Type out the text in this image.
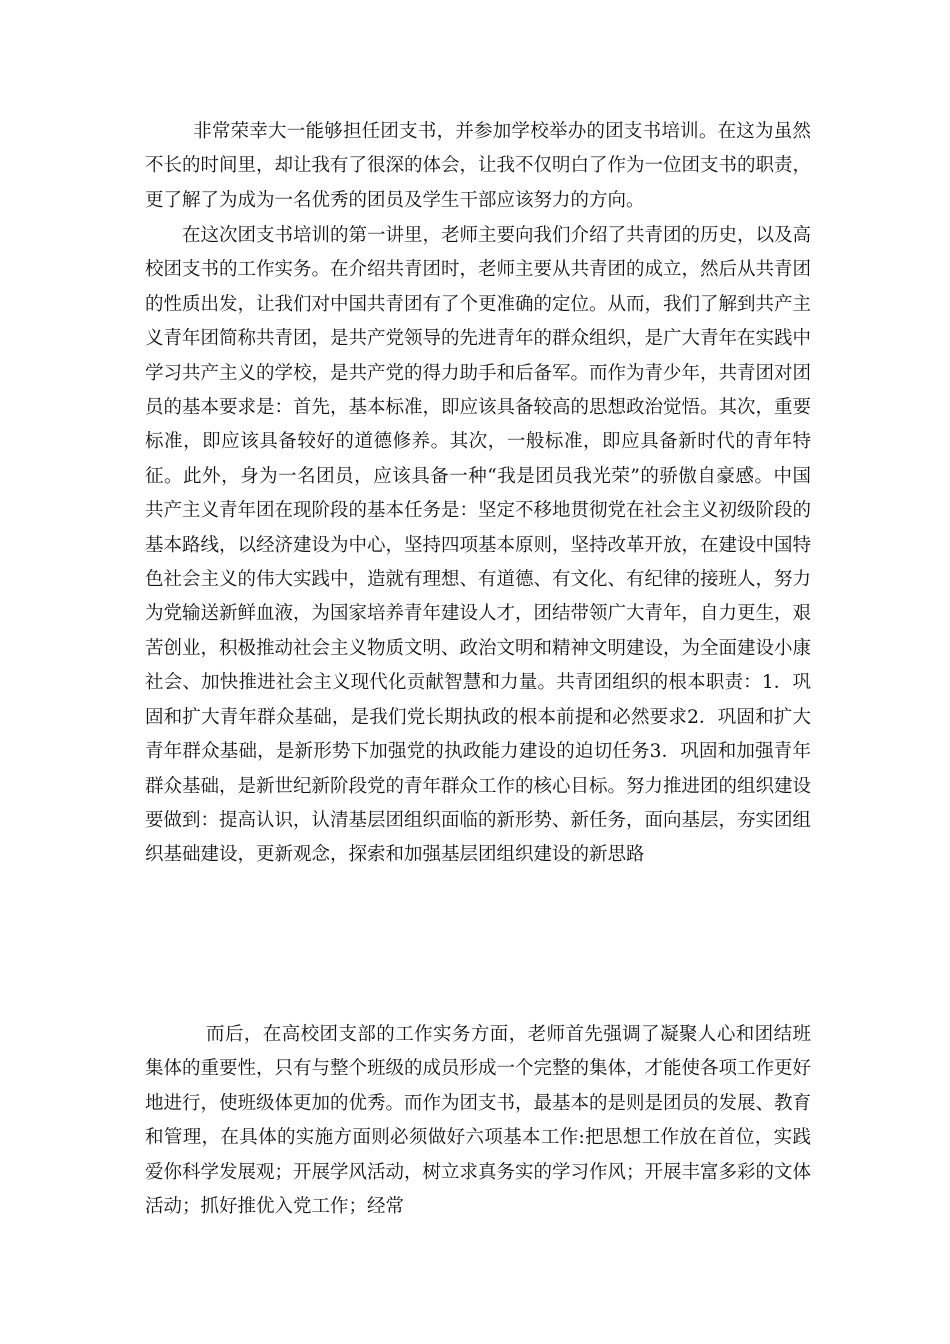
非常荣幸大一能够担任团支书，并参加学校举办的团支书培训。在这为虽然不长的时间里，却让我有了很深的体会，让我不仅明白了作为一位团支书的职责，更了解了为成为一名优秀的团员及学生干部应该努力的方向。

在这次团支书培训的第一讲里，老师主要向我们介绍了共青团的历史，以及高校团支书的工作实务。在介绍共青团时，老师主要从共青团的成立，然后从共青团的性质出发，让我们对中国共青团有了个更准确的定位。从而，我们了解到共产主义青年团简称共青团，是共产党领导的先进青年的群众组织，是广大青年在实践中学习共产主义的学校，是共产党的得力助手和后备军。而作为青少年，共青团对团员的基本要求是：首先，基本标准，即应该具备较高的思想政治觉悟。其次，重要标准，即应该具备较好的道德修养。其次，一般标准，即应具备新时代的青年特征。此外，身为一名团员，应该具备一种“我是团员我光荣”的骄傲自豪感。中国共产主义青年团在现阶段的基本任务是：坚定不移地贯彻党在社会主义初级阶段的基本路线，以经济建设为中心，坚持四项基本原则，坚持改革开放，在建设中国特色社会主义的伟大实践中，造就有理想、有道德、有文化、有纪律的接班人，努力为党输送新鲜血液，为国家培养青年建设人才，团结带领广大青年，自力更生，艰苦创业，积极推动社会主义物质文明、政治文明和精神文明建设，为全面建设小康社会、加快推进社会主义现代化贡献智慧和力量。共青团组织的根本职责：1．巩固和扩大青年群众基础，是我们党长期执政的根本前提和必然要求2．巩固和扩大青年群众基础，是新形势下加强党的执政能力建设的迫切任务3．巩固和加强青年群众基础，是新世纪新阶段党的青年群众工作的核心目标。努力推进团的组织建设要做到：提高认识，认清基层团组织面临的新形势、新任务，面向基层，夯实团组织基础建设，更新观念，探索和加强基层团组织建设的新思路

而后，在高校团支部的工作实务方面，老师首先强调了凝聚人心和团结班集体的重要性，只有与整个班级的成员形成一个完整的集体，才能使各项工作更好地进行，使班级体更加的优秀。而作为团支书，最基本的是则是团员的发展、教育和管理，在具体的实施方面则必须做好六项基本工作:把思想工作放在首位，实践爱你科学发展观；开展学风活动，树立求真务实的学习作风；开展丰富多彩的文体活动；抓好推优入党工作；经常
